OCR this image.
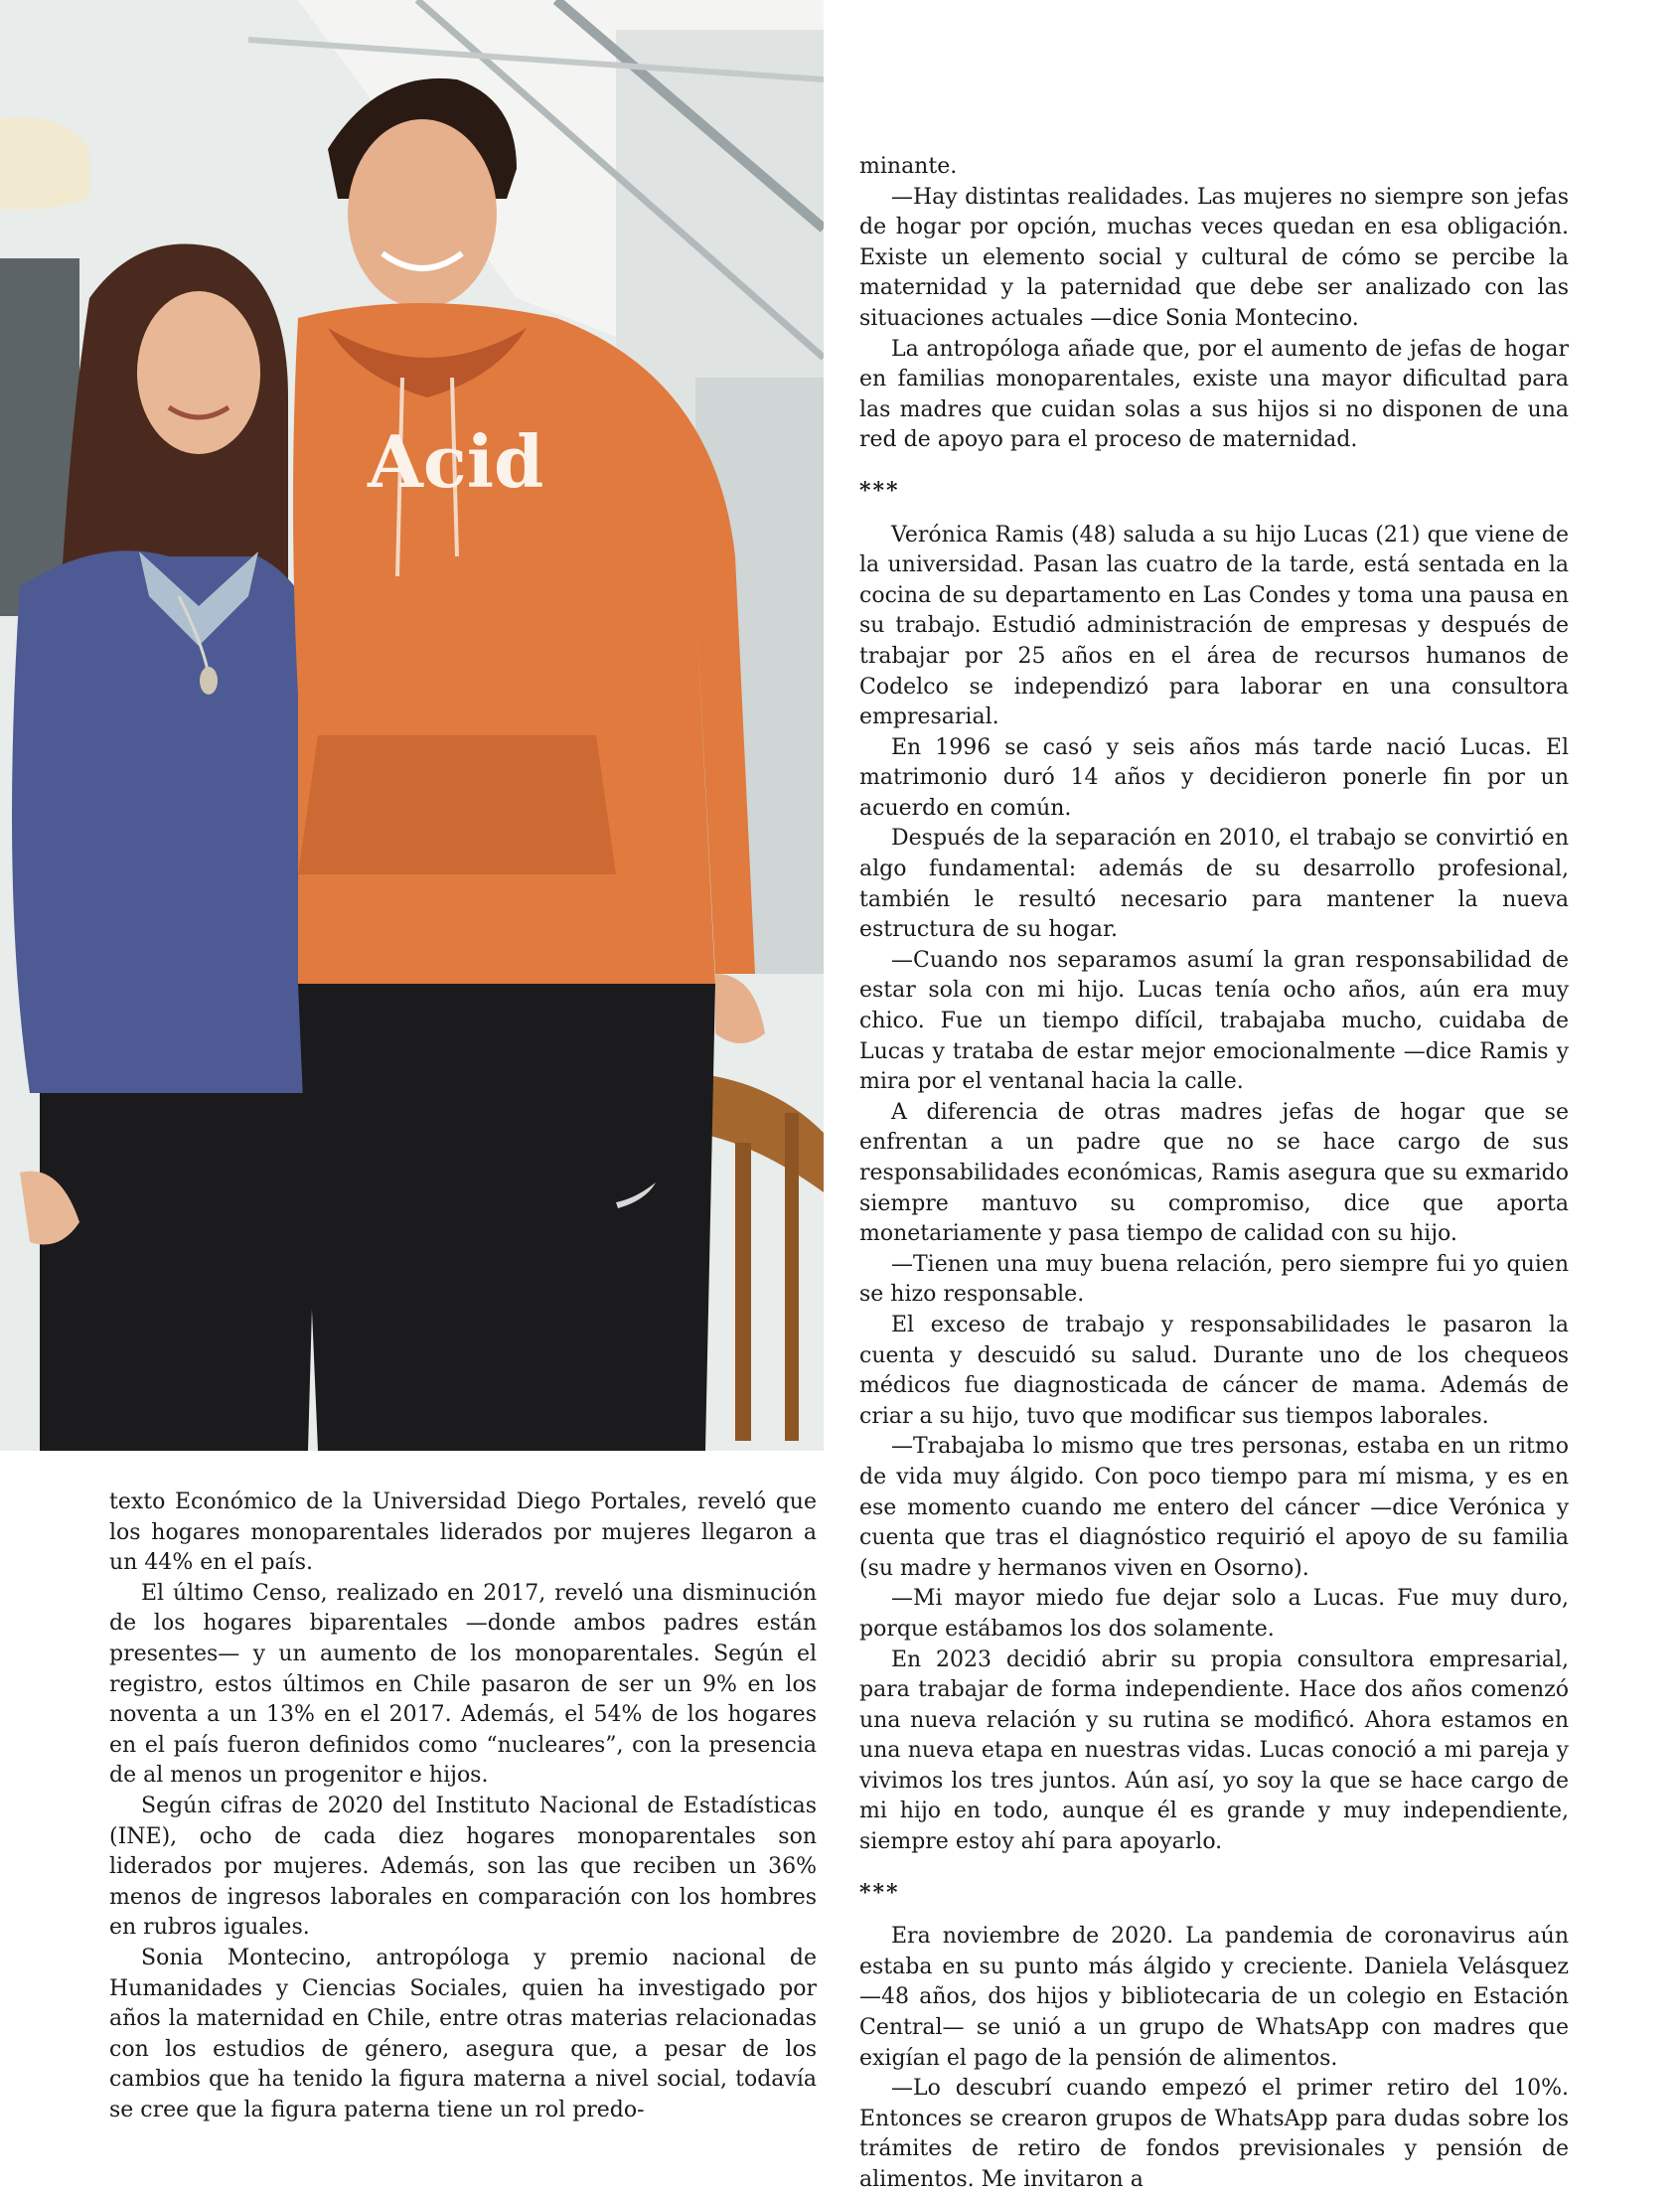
Acid

texto Económico de la Universidad Diego Portales, reveló que los hogares monoparentales liderados por mujeres llegaron a un 44% en el país.

El último Censo, realizado en 2017, reveló una disminución de los hogares biparentales —donde ambos padres están presentes— y un aumento de los monoparentales. Según el registro, estos últimos en Chile pasaron de ser un 9% en los noventa a un 13% en el 2017. Además, el 54% de los hogares en el país fueron definidos como “nucleares”, con la presencia de al menos un progenitor e hijos.

Según cifras de 2020 del Instituto Nacional de Estadísticas (INE), ocho de cada diez hogares monoparentales son liderados por mujeres. Además, son las que reciben un 36% menos de ingresos laborales en comparación con los hombres en rubros iguales.

Sonia Montecino, antropóloga y premio nacional de Humanidades y Ciencias Sociales, quien ha investigado por años la maternidad en Chile, entre otras materias relacionadas con los estudios de género, asegura que, a pesar de los cambios que ha tenido la figura materna a nivel social, todavía se cree que la figura paterna tiene un rol predo-

minante.

—Hay distintas realidades. Las mujeres no siempre son jefas de hogar por opción, muchas veces quedan en esa obligación. Existe un elemento social y cultural de cómo se percibe la maternidad y la paternidad que debe ser analizado con las situaciones actuales —dice Sonia Montecino.

La antropóloga añade que, por el aumento de jefas de hogar en familias monoparentales, existe una mayor dificultad para las madres que cuidan solas a sus hijos si no disponen de una red de apoyo para el proceso de maternidad.

***

Verónica Ramis (48) saluda a su hijo Lucas (21) que viene de la universidad. Pasan las cuatro de la tarde, está sentada en la cocina de su departamento en Las Condes y toma una pausa en su trabajo. Estudió administración de empresas y después de trabajar por 25 años en el área de recursos humanos de Codelco se independizó para laborar en una consultora empresarial.

En 1996 se casó y seis años más tarde nació Lucas. El matrimonio duró 14 años y decidieron ponerle fin por un acuerdo en común.

Después de la separación en 2010, el trabajo se convirtió en algo fundamental: además de su desarrollo profesional, también le resultó necesario para mantener la nueva estructura de su hogar.

—Cuando nos separamos asumí la gran responsabilidad de estar sola con mi hijo. Lucas tenía ocho años, aún era muy chico. Fue un tiempo difícil, trabajaba mucho, cuidaba de Lucas y trataba de estar mejor emocionalmente —dice Ramis y mira por el ventanal hacia la calle.

A diferencia de otras madres jefas de hogar que se enfrentan a un padre que no se hace cargo de sus responsabilidades económicas, Ramis asegura que su exmarido siempre mantuvo su compromiso, dice que aporta monetariamente y pasa tiempo de calidad con su hijo.

—Tienen una muy buena relación, pero siempre fui yo quien se hizo responsable.

El exceso de trabajo y responsabilidades le pasaron la cuenta y descuidó su salud. Durante uno de los chequeos médicos fue diagnosticada de cáncer de mama. Además de criar a su hijo, tuvo que modificar sus tiempos laborales.

—Trabajaba lo mismo que tres personas, estaba en un ritmo de vida muy álgido. Con poco tiempo para mí misma, y es en ese momento cuando me entero del cáncer —dice Verónica y cuenta que tras el diagnóstico requirió el apoyo de su familia (su madre y hermanos viven en Osorno).

—Mi mayor miedo fue dejar solo a Lucas. Fue muy duro, porque estábamos los dos solamente.

En 2023 decidió abrir su propia consultora empresarial, para trabajar de forma independiente. Hace dos años comenzó una nueva relación y su rutina se modificó. Ahora estamos en una nueva etapa en nuestras vidas. Lucas conoció a mi pareja y vivimos los tres juntos. Aún así, yo soy la que se hace cargo de mi hijo en todo, aunque él es grande y muy independiente, siempre estoy ahí para apoyarlo.

***

Era noviembre de 2020. La pandemia de coronavirus aún estaba en su punto más álgido y creciente. Daniela Velásquez —48 años, dos hijos y bibliotecaria de un colegio en Estación Central— se unió a un grupo de WhatsApp con madres que exigían el pago de la pensión de alimentos.

—Lo descubrí cuando empezó el primer retiro del 10%. Entonces se crearon grupos de WhatsApp para dudas sobre los trámites de retiro de fondos previsionales y pensión de alimentos. Me invitaron a
